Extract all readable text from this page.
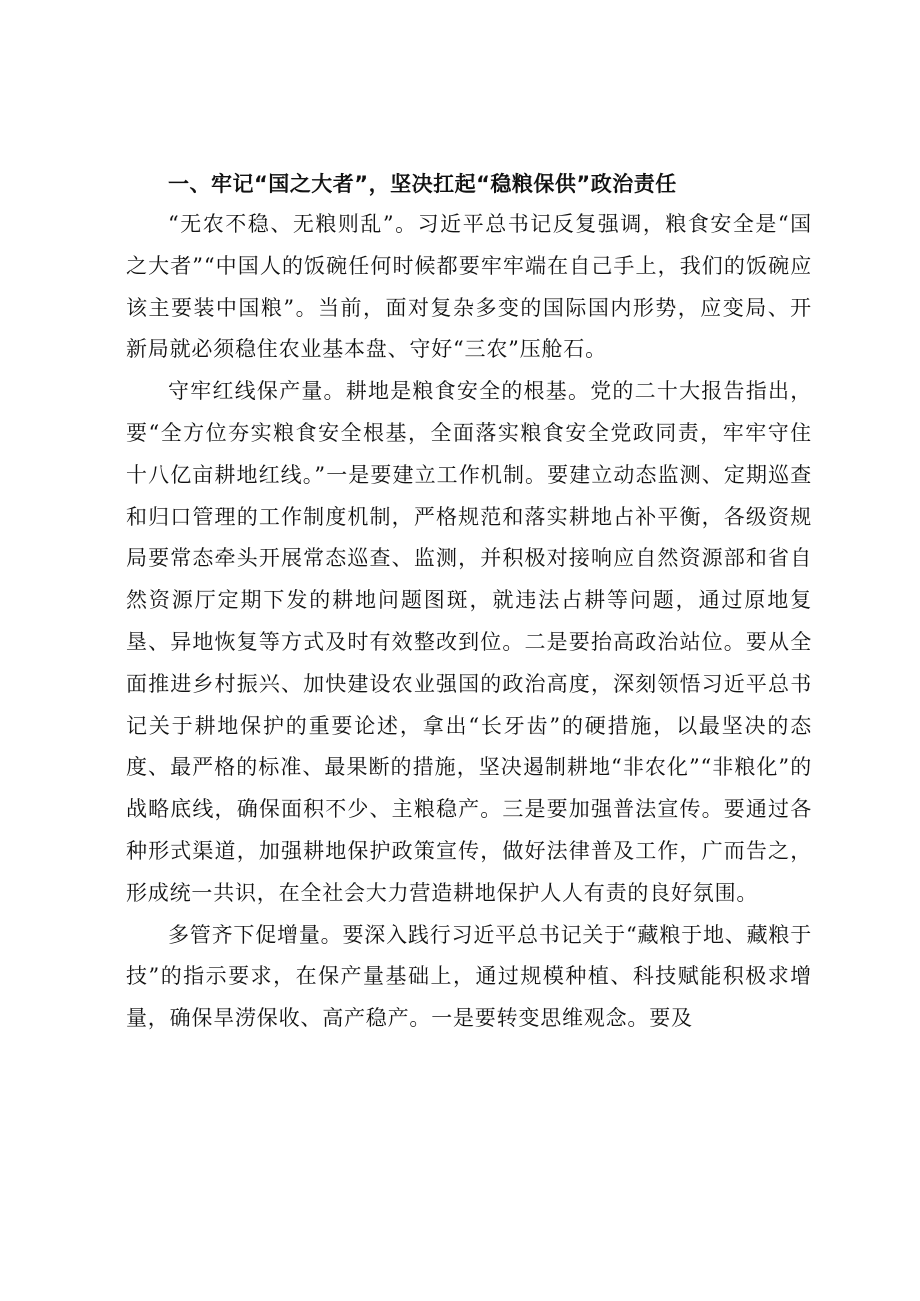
一、牢记“国之大者”，坚决扛起“稳粮保供”政治责任

“无农不稳、无粮则乱”。习近平总书记反复强调，粮食安全是“国之大者”“中国人的饭碗任何时候都要牢牢端在自己手上，我们的饭碗应该主要装中国粮”。当前，面对复杂多变的国际国内形势，应变局、开新局就必须稳住农业基本盘、守好“三农”压舱石。

守牢红线保产量。耕地是粮食安全的根基。党的二十大报告指出，要“全方位夯实粮食安全根基，全面落实粮食安全党政同责，牢牢守住十八亿亩耕地红线。”一是要建立工作机制。要建立动态监测、定期巡查和归口管理的工作制度机制，严格规范和落实耕地占补平衡，各级资规局要常态牵头开展常态巡查、监测，并积极对接响应自然资源部和省自然资源厅定期下发的耕地问题图斑，就违法占耕等问题，通过原地复垦、异地恢复等方式及时有效整改到位。二是要抬高政治站位。要从全面推进乡村振兴、加快建设农业强国的政治高度，深刻领悟习近平总书记关于耕地保护的重要论述，拿出“长牙齿”的硬措施，以最坚决的态度、最严格的标准、最果断的措施，坚决遏制耕地“非农化”“非粮化”的战略底线，确保面积不少、主粮稳产。三是要加强普法宣传。要通过各种形式渠道，加强耕地保护政策宣传，做好法律普及工作，广而告之，形成统一共识，在全社会大力营造耕地保护人人有责的良好氛围。

多管齐下促增量。要深入践行习近平总书记关于“藏粮于地、藏粮于技”的指示要求，在保产量基础上，通过规模种植、科技赋能积极求增量，确保旱涝保收、高产稳产。一是要转变思维观念。要及
